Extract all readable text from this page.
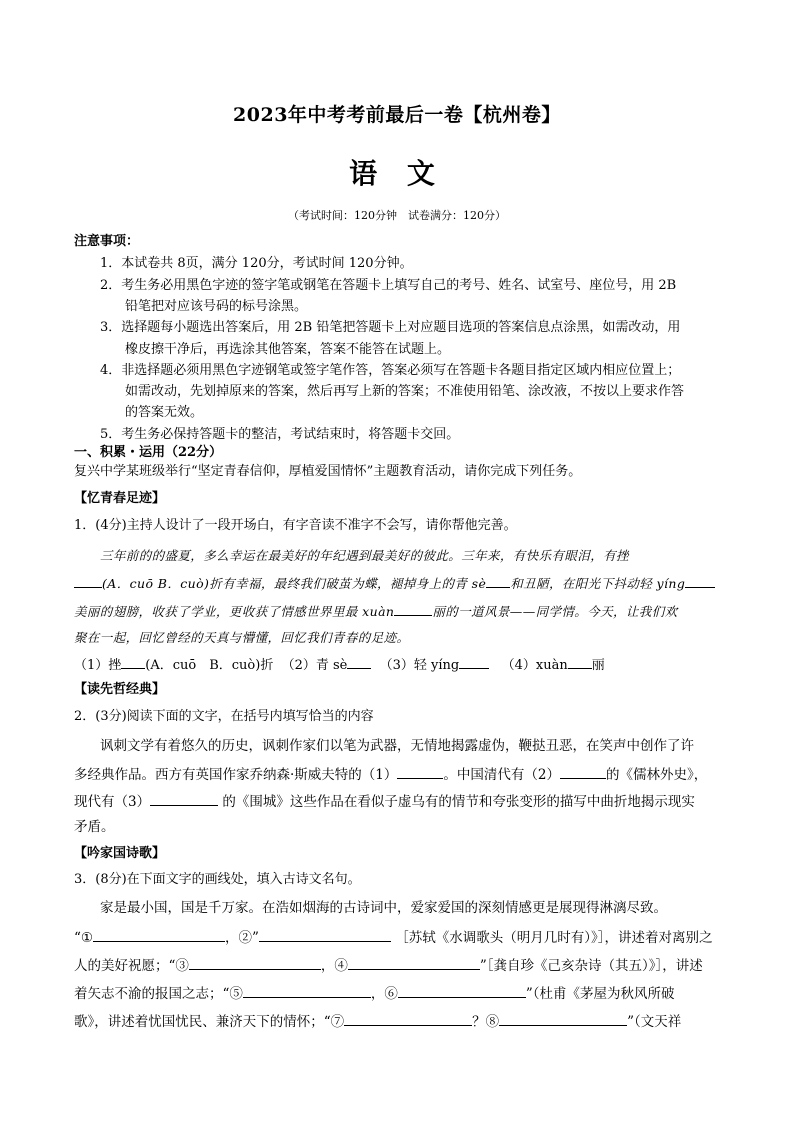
2023年中考考前最后一卷【杭州卷】
语 文
（考试时间：120分钟　试卷满分：120分）
注意事项：
1．本试卷共 8页，满分 120分，考试时间 120分钟。
2．考生务必用黑色字迹的签字笔或钢笔在答题卡上填写自己的考号、姓名、试室号、座位号，用 2B
铅笔把对应该号码的标号涂黑。
3．选择题每小题选出答案后，用 2B 铅笔把答题卡上对应题目选项的答案信息点涂黑，如需改动，用
橡皮擦干净后，再选涂其他答案，答案不能答在试题上。
4．非选择题必须用黑色字迹钢笔或签字笔作答，答案必须写在答题卡各题目指定区域内相应位置上；
如需改动，先划掉原来的答案，然后再写上新的答案；不准使用铅笔、涂改液，不按以上要求作答
的答案无效。
5．考生务必保持答题卡的整洁，考试结束时，将答题卡交回。
一、积累・运用（22分）
复兴中学某班级举行“坚定青春信仰，厚植爱国情怀”主题教育活动，请你完成下列任务。
【忆青春足迹】
1．(4分)主持人设计了一段开场白，有字音读不准字不会写，请你帮他完善。
三年前的的盛夏，多么幸运在最美好的年纪遇到最美好的彼此。三年来，有快乐有眼泪，有挫
(A．cuō B．cuò)折有幸福，最终我们破茧为蝶，褪掉身上的青 sè 和丑陋，在阳光下抖动轻 yíng
美丽的翅膀，收获了学业，更收获了情感世界里最 xuàn	丽的一道风景——同学情。今天，让我们欢
聚在一起，回忆曾经的天真与懵懂，回忆我们青春的足迹。
（1）挫 (A．cuō　B．cuò)折 （2）青 sè （3）轻 yíng	（4）xuàn 丽
【读先哲经典】
2．(3分)阅读下面的文字，在括号内填写恰当的内容
讽刺文学有着悠久的历史，讽刺作家们以笔为武器，无情地揭露虚伪，鞭挞丑恶，在笑声中创作了许
多经典作品。西方有英国作家乔纳森·斯威夫特的（1）	。中国清代有（2）	的《儒林外史》，
现代有（3）	的《围城》这些作品在看似子虚乌有的情节和夸张变形的描写中曲折地揭示现实
矛盾。
【吟家国诗歌】
3．(8分)在下面文字的画线处，填入古诗文名句。
家是最小国，国是千万家。在浩如烟海的古诗词中，爱家爱国的深刻情感更是展现得淋漓尽致。
“①	，②”	［苏轼《水调歌头（明月几时有）》］，讲述着对离别之
人的美好祝愿；“③	，④	”［龚自珍《己亥杂诗（其五）》］，讲述
着矢志不渝的报国之志；“⑤	，⑥	”（杜甫《茅屋为秋风所破
歌》，讲述着忧国忧民、兼济天下的情怀；“⑦	？⑧	”（文天祥
